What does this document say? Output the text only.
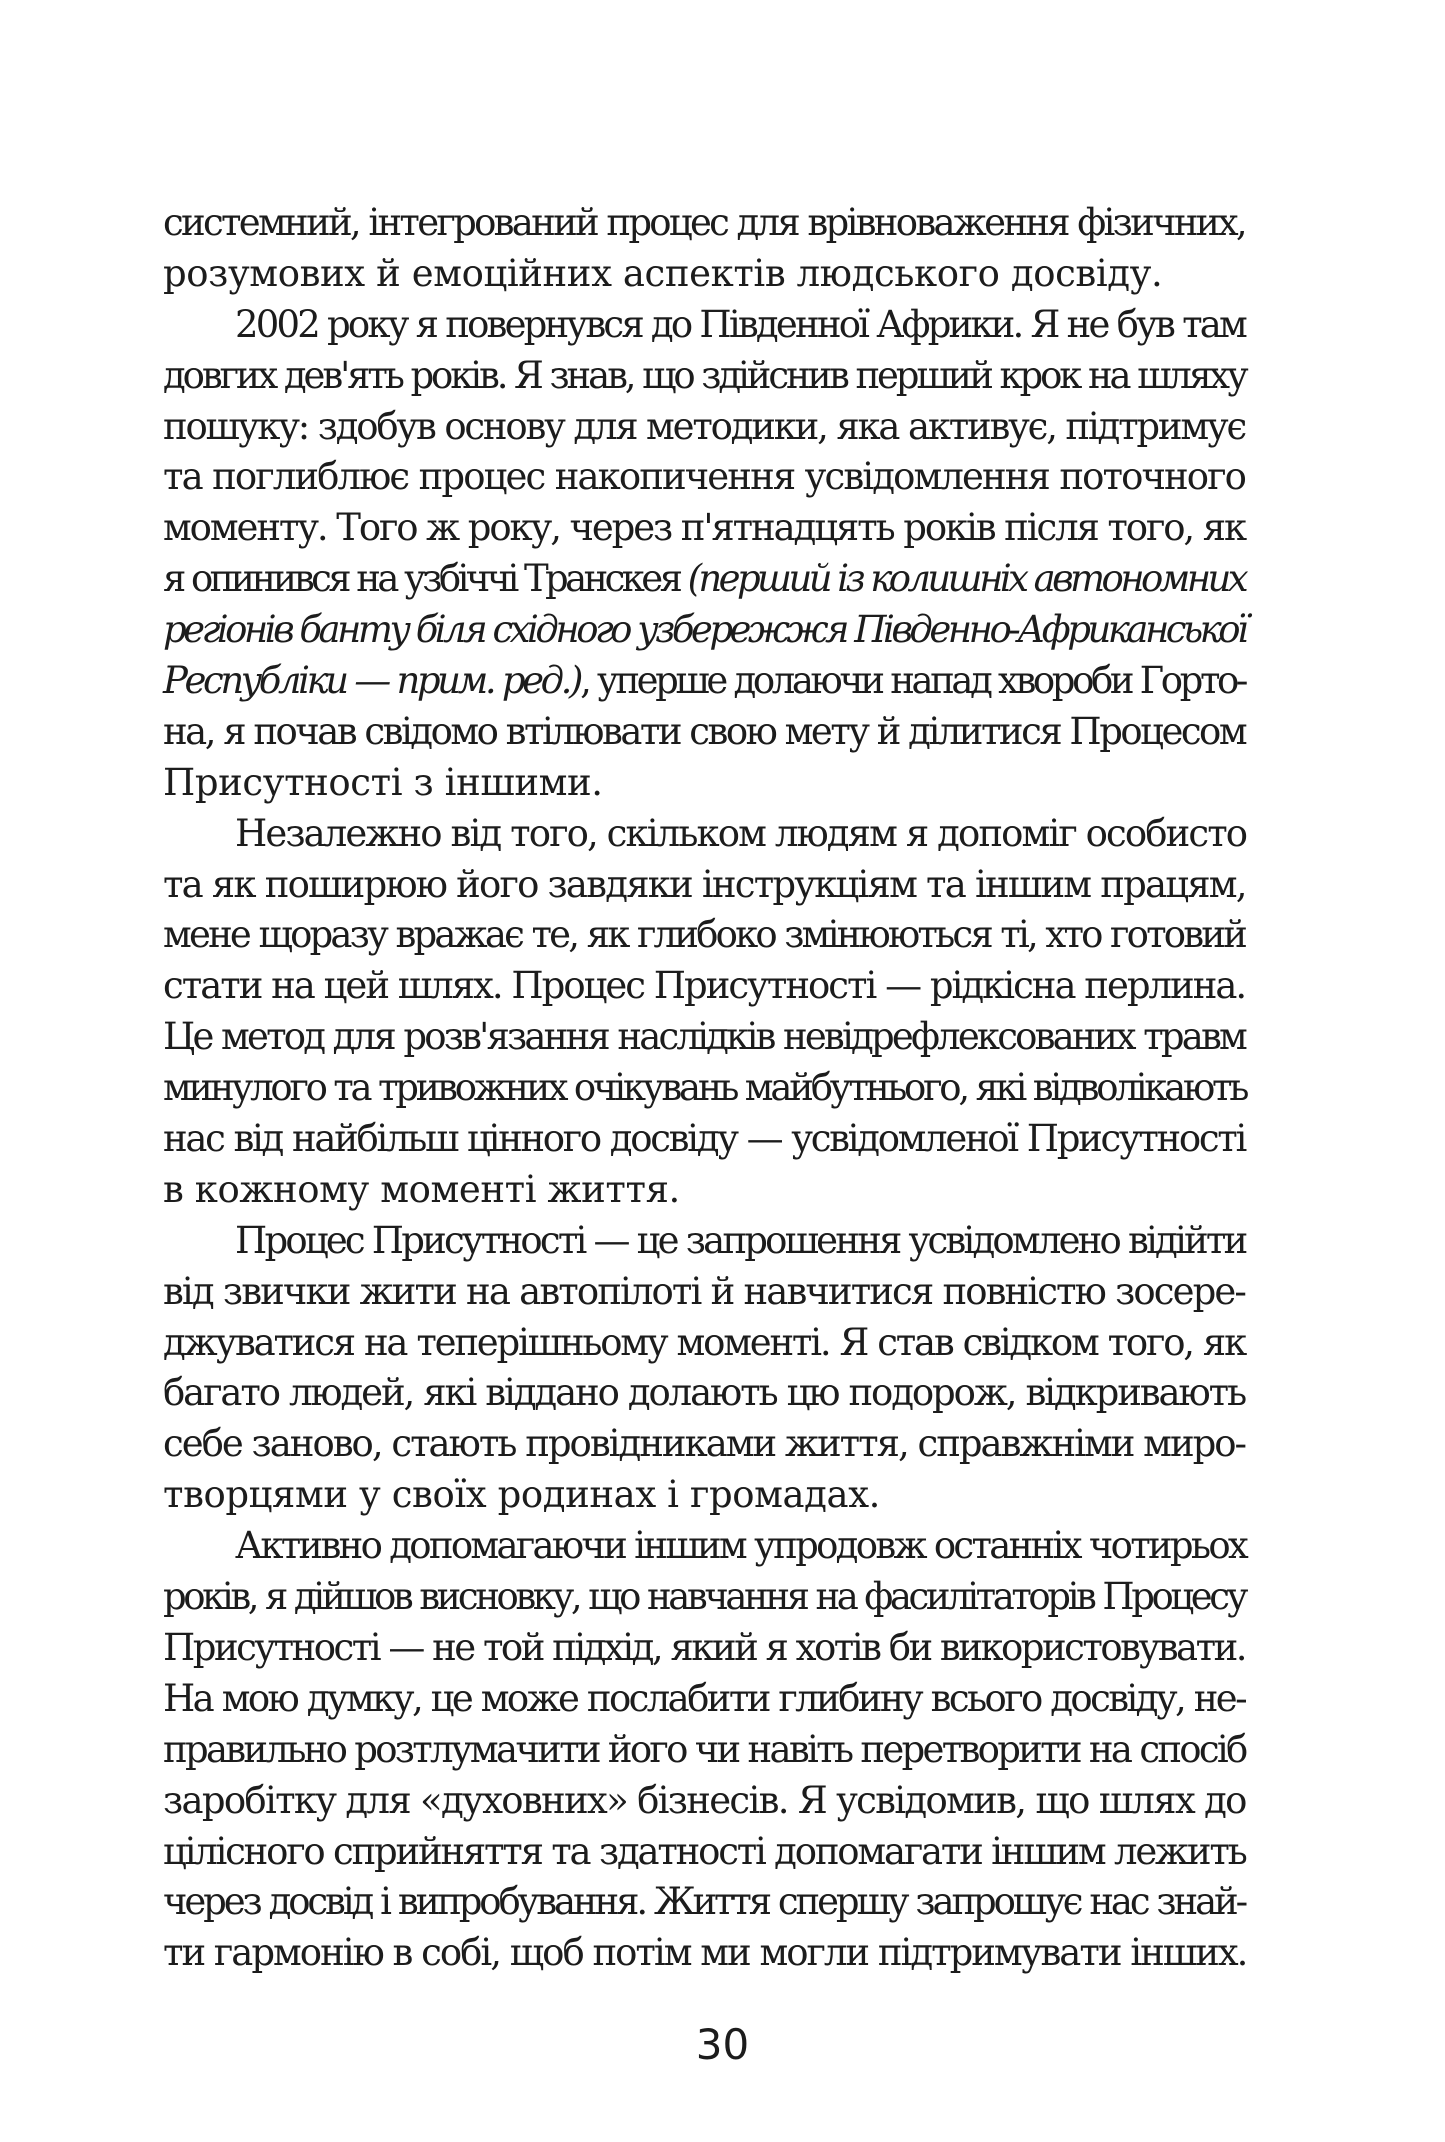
системний, інтегрований процес для врівноваження фізичних,
розумових й емоційних аспектів людського досвіду.
2002 року я повернувся до Південної Африки. Я не був там
довгих дев'ять років. Я знав, що здійснив перший крок на шляху
пошуку: здобув основу для методики, яка активує, підтримує
та поглиблює процес накопичення усвідомлення поточного
моменту. Того ж року, через п'ятнадцять років після того, як
я опинився на узбіччі Транскея (перший із колишніх автономних
регіонів банту біля східного узбережжя Південно-Африканської
Республіки — прим. ред.), уперше долаючи напад хвороби Горто-
на, я почав свідомо втілювати свою мету й ділитися Процесом
Присутності з іншими.
Незалежно від того, скільком людям я допоміг особисто
та як поширюю його завдяки інструкціям та іншим працям,
мене щоразу вражає те, як глибоко змінюються ті, хто готовий
стати на цей шлях. Процес Присутності — рідкісна перлина.
Це метод для розв'язання наслідків невідрефлексованих травм
минулого та тривожних очікувань майбутнього, які відволікають
нас від найбільш цінного досвіду — усвідомленої Присутності
в кожному моменті життя.
Процес Присутності — це запрошення усвідомлено відійти
від звички жити на автопілоті й навчитися повністю зосере-
джуватися на теперішньому моменті. Я став свідком того, як
багато людей, які віддано долають цю подорож, відкривають
себе заново, стають провідниками життя, справжніми миро-
творцями у своїх родинах і громадах.
Активно допомагаючи іншим упродовж останніх чотирьох
років, я дійшов висновку, що навчання на фасилітаторів Процесу
Присутності — не той підхід, який я хотів би використовувати.
На мою думку, це може послабити глибину всього досвіду, не-
правильно розтлумачити його чи навіть перетворити на спосіб
заробітку для «духовних» бізнесів. Я усвідомив, що шлях до
цілісного сприйняття та здатності допомагати іншим лежить
через досвід і випробування. Життя спершу запрошує нас знай-
ти гармонію в собі, щоб потім ми могли підтримувати інших.
30
